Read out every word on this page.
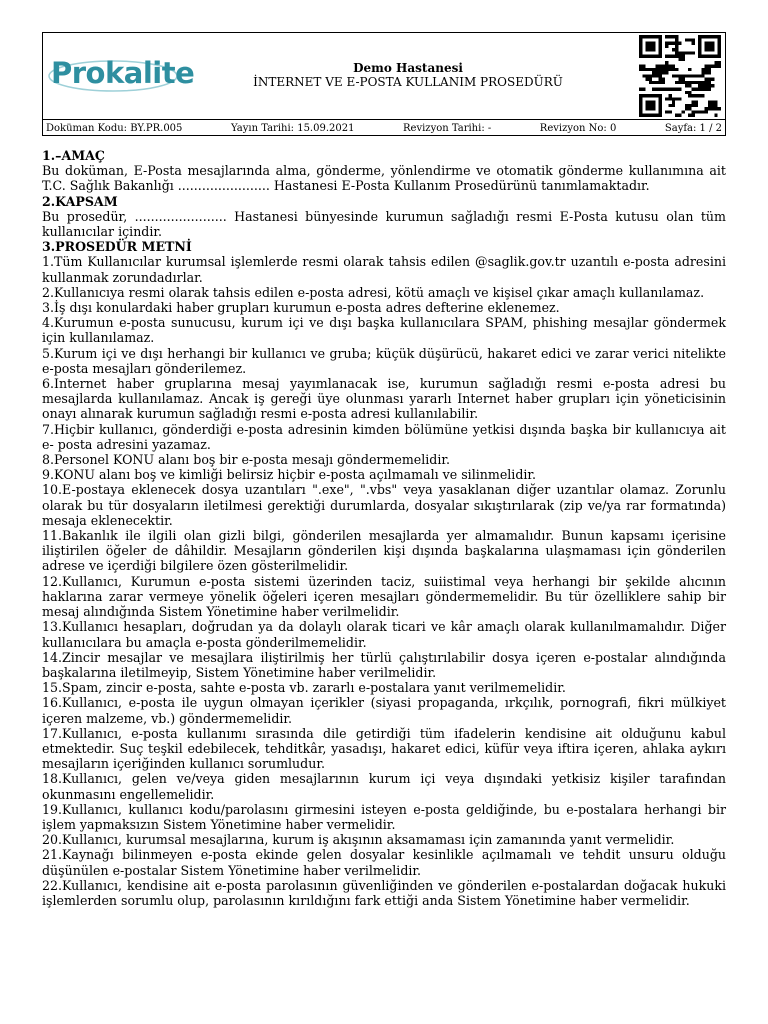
Prokalite	Demo Hastanesi
İNTERNET VE E-POSTA KULLANIM PROSEDÜRÜ
Doküman Kodu: BY.PR.005	Yayın Tarihi: 15.09.2021	Revizyon Tarihi: -	Revizyon No: 0	Sayfa: 1 / 2

1.–AMAÇ

Bu doküman, E-Posta mesajlarında alma, gönderme, yönlendirme ve otomatik gönderme kullanımına ait T.C. Sağlık Bakanlığı ....................... Hastanesi E-Posta Kullanım Prosedürünü tanımlamaktadır.

2.KAPSAM

Bu prosedür, ....................... Hastanesi bünyesinde kurumun sağladığı resmi E-Posta kutusu olan tüm kullanıcılar içindir.

3.PROSEDÜR METNİ

1.Tüm Kullanıcılar kurumsal işlemlerde resmi olarak tahsis edilen @saglik.gov.tr uzantılı e-posta adresini kullanmak zorundadırlar.

2.Kullanıcıya resmi olarak tahsis edilen e-posta adresi, kötü amaçlı ve kişisel çıkar amaçlı kullanılamaz.

3.İş dışı konulardaki haber grupları kurumun e-posta adres defterine eklenemez.

4.Kurumun e-posta sunucusu, kurum içi ve dışı başka kullanıcılara SPAM, phishing mesajlar göndermek için kullanılamaz.

5.Kurum içi ve dışı herhangi bir kullanıcı ve gruba; küçük düşürücü, hakaret edici ve zarar verici nitelikte e-posta mesajları gönderilemez.

6.Internet haber gruplarına mesaj yayımlanacak ise, kurumun sağladığı resmi e-posta adresi bu mesajlarda kullanılamaz. Ancak iş gereği üye olunması yararlı Internet haber grupları için yöneticisinin onayı alınarak kurumun sağladığı resmi e-posta adresi kullanılabilir.

7.Hiçbir kullanıcı, gönderdiği e-posta adresinin kimden bölümüne yetkisi dışında başka bir kullanıcıya ait e- posta adresini yazamaz.

8.Personel KONU alanı boş bir e-posta mesajı göndermemelidir.

9.KONU alanı boş ve kimliği belirsiz hiçbir e-posta açılmamalı ve silinmelidir.

10.E-postaya eklenecek dosya uzantıları ".exe", ".vbs" veya yasaklanan diğer uzantılar olamaz. Zorunlu olarak bu tür dosyaların iletilmesi gerektiği durumlarda, dosyalar sıkıştırılarak (zip ve/ya rar formatında) mesaja eklenecektir.

11.Bakanlık ile ilgili olan gizli bilgi, gönderilen mesajlarda yer almamalıdır. Bunun kapsamı içerisine iliştirilen öğeler de dâhildir. Mesajların gönderilen kişi dışında başkalarına ulaşmaması için gönderilen adrese ve içerdiği bilgilere özen gösterilmelidir.

12.Kullanıcı, Kurumun e-posta sistemi üzerinden taciz, suiistimal veya herhangi bir şekilde alıcının haklarına zarar vermeye yönelik öğeleri içeren mesajları göndermemelidir. Bu tür özelliklere sahip bir mesaj alındığında Sistem Yönetimine haber verilmelidir.

13.Kullanıcı hesapları, doğrudan ya da dolaylı olarak ticari ve kâr amaçlı olarak kullanılmamalıdır. Diğer kullanıcılara bu amaçla e-posta gönderilmemelidir.

14.Zincir mesajlar ve mesajlara iliştirilmiş her türlü çalıştırılabilir dosya içeren e-postalar alındığında başkalarına iletilmeyip, Sistem Yönetimine haber verilmelidir.

15.Spam, zincir e-posta, sahte e-posta vb. zararlı e-postalara yanıt verilmemelidir.

16.Kullanıcı, e-posta ile uygun olmayan içerikler (siyasi propaganda, ırkçılık, pornografi, fikri mülkiyet içeren malzeme, vb.) göndermemelidir.

17.Kullanıcı, e-posta kullanımı sırasında dile getirdiği tüm ifadelerin kendisine ait olduğunu kabul etmektedir. Suç teşkil edebilecek, tehditkâr, yasadışı, hakaret edici, küfür veya iftira içeren, ahlaka aykırı mesajların içeriğinden kullanıcı sorumludur.

18.Kullanıcı, gelen ve/veya giden mesajlarının kurum içi veya dışındaki yetkisiz kişiler tarafından okunmasını engellemelidir.

19.Kullanıcı, kullanıcı kodu/parolasını girmesini isteyen e-posta geldiğinde, bu e-postalara herhangi bir işlem yapmaksızın Sistem Yönetimine haber vermelidir.

20.Kullanıcı, kurumsal mesajlarına, kurum iş akışının aksamaması için zamanında yanıt vermelidir.

21.Kaynağı bilinmeyen e-posta ekinde gelen dosyalar kesinlikle açılmamalı ve tehdit unsuru olduğu düşünülen e-postalar Sistem Yönetimine haber verilmelidir.

22.Kullanıcı, kendisine ait e-posta parolasının güvenliğinden ve gönderilen e-postalardan doğacak hukuki işlemlerden sorumlu olup, parolasının kırıldığını fark ettiği anda Sistem Yönetimine haber vermelidir.
